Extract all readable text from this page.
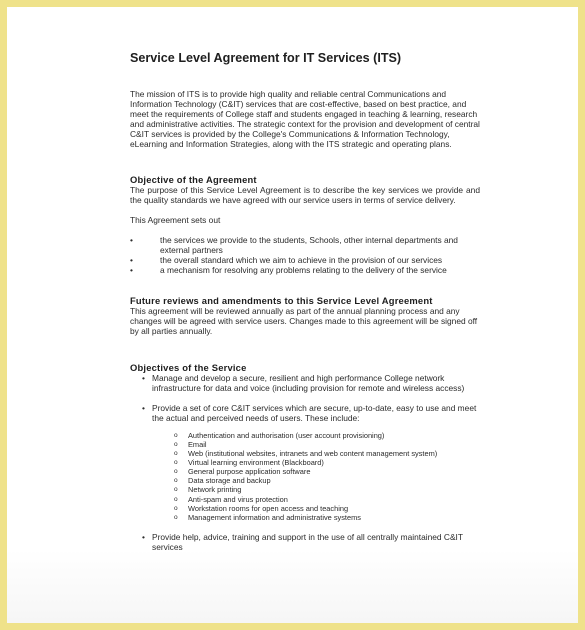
Service Level Agreement for IT Services (ITS)

The mission of ITS is to provide high quality and reliable central Communications and Information Technology (C&IT) services that are cost-effective, based on best practice, and meet the requirements of College staff and students engaged in teaching & learning, research and administrative activities. The strategic context for the provision and development of central C&IT services is provided by the College's Communications & Information Technology, eLearning and Information Strategies, along with the ITS strategic and operating plans.

Objective of the Agreement

The purpose of this Service Level Agreement is to describe the key services we provide and the quality standards we have agreed with our service users in terms of service delivery.

This Agreement sets out

•	the services we provide to the students, Schools, other internal departments and external partners
•	the overall standard which we aim to achieve in the provision of our services
•	a mechanism for resolving any problems relating to the delivery of the service
Future reviews and amendments to this Service Level Agreement

This agreement will be reviewed annually as part of the annual planning process and any changes will be agreed with service users. Changes made to this agreement will be signed off by all parties annually.

Objectives of the Service
• Manage and develop a secure, resilient and high performance College network infrastructure for data and voice (including provision for remote and wireless access)
• Provide a set of core C&IT services which are secure, up-to-date, easy to use and meet the actual and perceived needs of users. These include:
o Authentication and authorisation (user account provisioning)
o Email
o Web (institutional websites, intranets and web content management system)
o Virtual learning environment (Blackboard)
o General purpose application software
o Data storage and backup
o Network printing
o Anti-spam and virus protection
o Workstation rooms for open access and teaching
o Management information and administrative systems
• Provide help, advice, training and support in the use of all centrally maintained C&IT services
